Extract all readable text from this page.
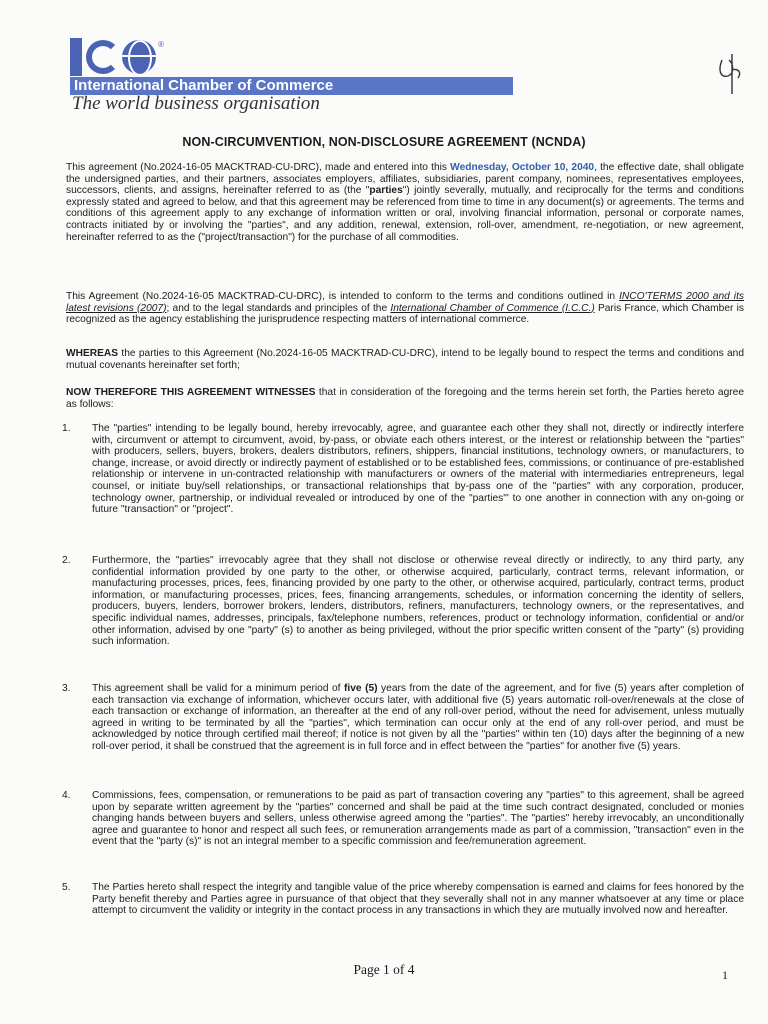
®
International Chamber of Commerce
The world business organisation
NON-CIRCUMVENTION, NON-DISCLOSURE AGREEMENT (NCNDA)

This agreement (No.2024-16-05 MACKTRAD-CU-DRC), made and entered into this Wednesday, October 10, 2040, the effective date, shall obligate the undersigned parties, and their partners, associates employers, affiliates, subsidiaries, parent company, nominees, representatives employees, successors, clients, and assigns, hereinafter referred to as (the "parties") jointly severally, mutually, and reciprocally for the terms and conditions expressly stated and agreed to below, and that this agreement may be referenced from time to time in any document(s) or agreements. The terms and conditions of this agreement apply to any exchange of information written or oral, involving financial information, personal or corporate names, contracts initiated by or involving the "parties", and any addition, renewal, extension, roll-over, amendment, re-negotiation, or new agreement, hereinafter referred to as the ("project/transaction") for the purchase of all commodities.

This Agreement (No.2024-16-05 MACKTRAD-CU-DRC), is intended to conform to the terms and conditions outlined in INCO'TERMS 2000 and its latest revisions (2007); and to the legal standards and principles of the International Chamber of Commence (I.C.C.) Paris France, which Chamber is recognized as the agency establishing the jurisprudence respecting matters of international commerce.

WHEREAS the parties to this Agreement (No.2024-16-05 MACKTRAD-CU-DRC), intend to be legally bound to respect the terms and conditions and mutual covenants hereinafter set forth;

NOW THEREFORE THIS AGREEMENT WITNESSES that in consideration of the foregoing and the terms herein set forth, the Parties hereto agree as follows:

1.	The "parties" intending to be legally bound, hereby irrevocably, agree, and guarantee each other they shall not, directly or indirectly interfere with, circumvent or attempt to circumvent, avoid, by-pass, or obviate each others interest, or the interest or relationship between the "parties" with producers, sellers, buyers, brokers, dealers distributors, refiners, shippers, financial institutions, technology owners, or manufacturers, to change, increase, or avoid directly or indirectly payment of established or to be established fees, commissions, or continuance of pre-established relationship or intervene in un-contracted relationship with manufacturers or owners of the material with intermediaries entrepreneurs, legal counsel, or initiate buy/sell relationships, or transactional relationships that by-pass one of the "parties" with any corporation, producer, technology owner, partnership, or individual revealed or introduced by one of the "parties"' to one another in connection with any on-going or future "transaction" or "project".

2.	Furthermore, the "parties" irrevocably agree that they shall not disclose or otherwise reveal directly or indirectly, to any third party, any confidential information provided by one party to the other, or otherwise acquired, particularly, contract terms, relevant information, or manufacturing processes, prices, fees, financing provided by one party to the other, or otherwise acquired, particularly, contract terms, product information, or manufacturing processes, prices, fees, financing arrangements, schedules, or information concerning the identity of sellers, producers, buyers, lenders, borrower brokers, lenders, distributors, refiners, manufacturers, technology owners, or the representatives, and specific individual names, addresses, principals, fax/telephone numbers, references, product or technology information, confidential or and/or other information, advised by one "party" (s) to another as being privileged, without the prior specific written consent of the "party" (s) providing such information.

3.	This agreement shall be valid for a minimum period of five (5) years from the date of the agreement, and for five (5) years after completion of each transaction via exchange of information, whichever occurs later, with additional five (5) years automatic roll-over/renewals at the close of each transaction or exchange of information, an thereafter at the end of any roll-over period, without the need for advisement, unless mutually agreed in writing to be terminated by all the "parties", which termination can occur only at the end of any roll-over period, and must be acknowledged by notice through certified mail thereof; if notice is not given by all the "parties" within ten (10) days after the beginning of a new roll-over period, it shall be construed that the agreement is in full force and in effect between the "parties" for another five (5) years.

4.	Commissions, fees, compensation, or remunerations to be paid as part of transaction covering any "parties" to this agreement, shall be agreed upon by separate written agreement by the "parties" concerned and shall be paid at the time such contract designated, concluded or monies changing hands between buyers and sellers, unless otherwise agreed among the "parties". The "parties" hereby irrevocably, an unconditionally agree and guarantee to honor and respect all such fees, or remuneration arrangements made as part of a commission, "transaction" even in the event that the "party (s)" is not an integral member to a specific commission and fee/remuneration agreement.

5.	The Parties hereto shall respect the integrity and tangible value of the price whereby compensation is earned and claims for fees honored by the Party benefit thereby and Parties agree in pursuance of that object that they severally shall not in any manner whatsoever at any time or place attempt to circumvent the validity or integrity in the contact process in any transactions in which they are mutually involved now and hereafter.

Page 1 of 4	1
